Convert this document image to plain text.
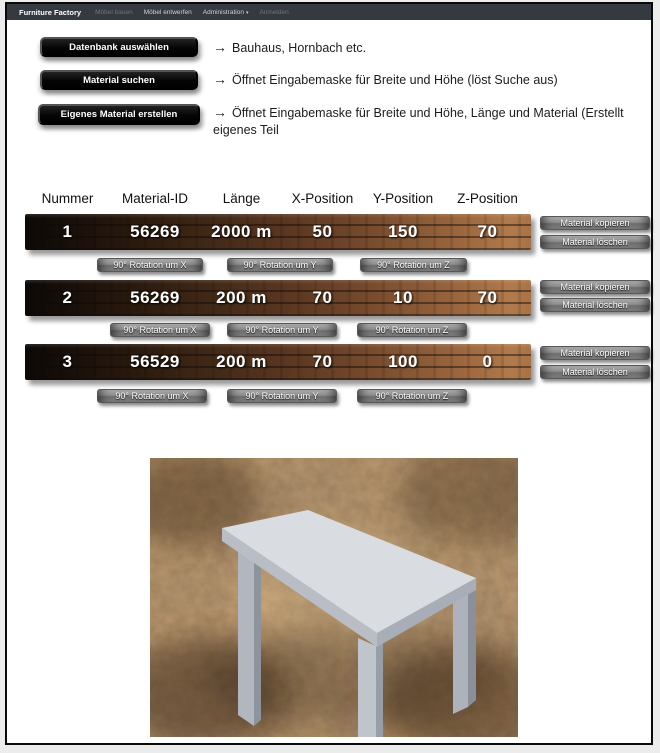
Furniture Factory Möbel bauen Möbel entwerfen Administration ▾ Anmelden
Datenbank auswählen
Material suchen
Eigenes Material erstellen
→ Bauhaus, Hornbach etc.
→ Öffnet Eingabemaske für Breite und Höhe (löst Suche aus)
→ Öffnet Eingabemaske für Breite und Höhe, Länge und Material (Erstellt eigenes Teil
Nummer	Material-ID	Länge	X-Position	Y-Position	Z-Position
1	56269	2000 m	50	150	70	Material kopieren
Material löschen
90° Rotation um X	90° Rotation um Y	90° Rotation um Z
2	56269	200 m	70	10	70
Material kopieren
Material löschen
90° Rotation um X	90° Rotation um Y	90° Rotation um Z
3	56529	200 m	70	100	0	Material kopieren
Material löschen
90° Rotation um X	90° Rotation um Y	90° Rotation um Z
